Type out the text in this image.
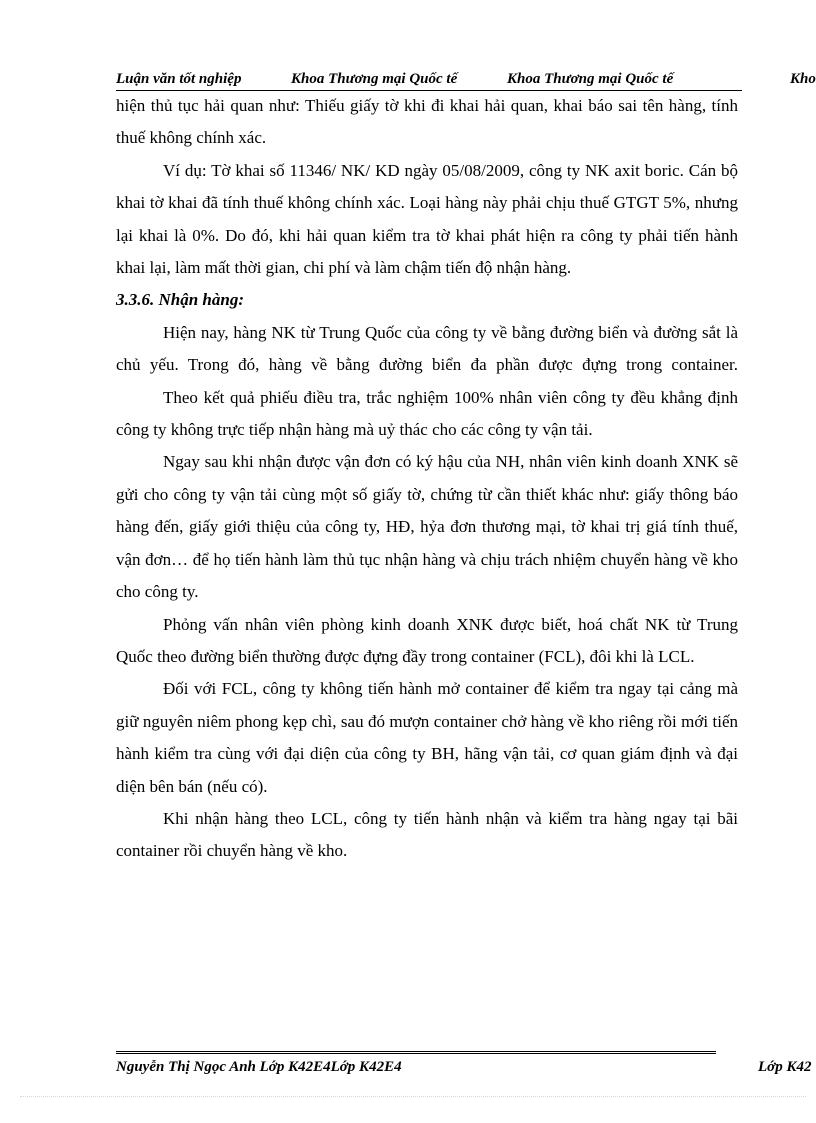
Luận văn tốt nghiệp	Khoa Thương mại Quốc tế	Khoa Thương mại Quốc tế	Kho

hiện thủ tục hải quan như: Thiếu giấy tờ khi đi khai hải quan, khai báo sai tên hàng, tính thuế không chính xác.

Ví dụ: Tờ khai số 11346/ NK/ KD ngày 05/08/2009, công ty NK axit boric. Cán bộ khai tờ khai đã tính thuế không chính xác. Loại hàng này phải chịu thuế GTGT 5%, nhưng lại khai là 0%. Do đó, khi hải quan kiểm tra tờ khai phát hiện ra công ty phải tiến hành khai lại, làm mất thời gian, chi phí và làm chậm tiến độ nhận hàng.

3.3.6. Nhận hàng:

Hiện nay, hàng NK từ Trung Quốc của công ty về bằng đường biển và đường sắt là chủ yếu. Trong đó, hàng về bằng đường biển đa phần được đựng trong container.

Theo kết quả phiếu điều tra, trắc nghiệm 100% nhân viên công ty đều khẳng định công ty không trực tiếp nhận hàng mà uỷ thác cho các công ty vận tải.

Ngay sau khi nhận được vận đơn có ký hậu của NH, nhân viên kinh doanh XNK sẽ gửi cho công ty vận tải cùng một số giấy tờ, chứng từ cần thiết khác như: giấy thông báo hàng đến, giấy giới thiệu của công ty, HĐ, hỷa đơn thương mại, tờ khai trị giá tính thuế, vận đơn… để họ tiến hành làm thủ tục nhận hàng và chịu trách nhiệm chuyển hàng về kho cho công ty.

Phỏng vấn nhân viên phòng kinh doanh XNK được biết, hoá chất NK từ Trung Quốc theo đường biển thường được đựng đầy trong container (FCL), đôi khi là LCL.

Đối với FCL, công ty không tiến hành mở container để kiểm tra ngay tại cảng mà giữ nguyên niêm phong kẹp chì, sau đó mượn container chở hàng về kho riêng rồi mới tiến hành kiểm tra cùng với đại diện của công ty BH, hãng vận tải, cơ quan giám định và đại diện bên bán (nếu có).

Khi nhận hàng theo LCL, công ty tiến hành nhận và kiểm tra hàng ngay tại bãi container rồi chuyển hàng về kho.

Nguyễn Thị Ngọc Anh Lớp K42E4Lớp K42E4	Lớp K42
